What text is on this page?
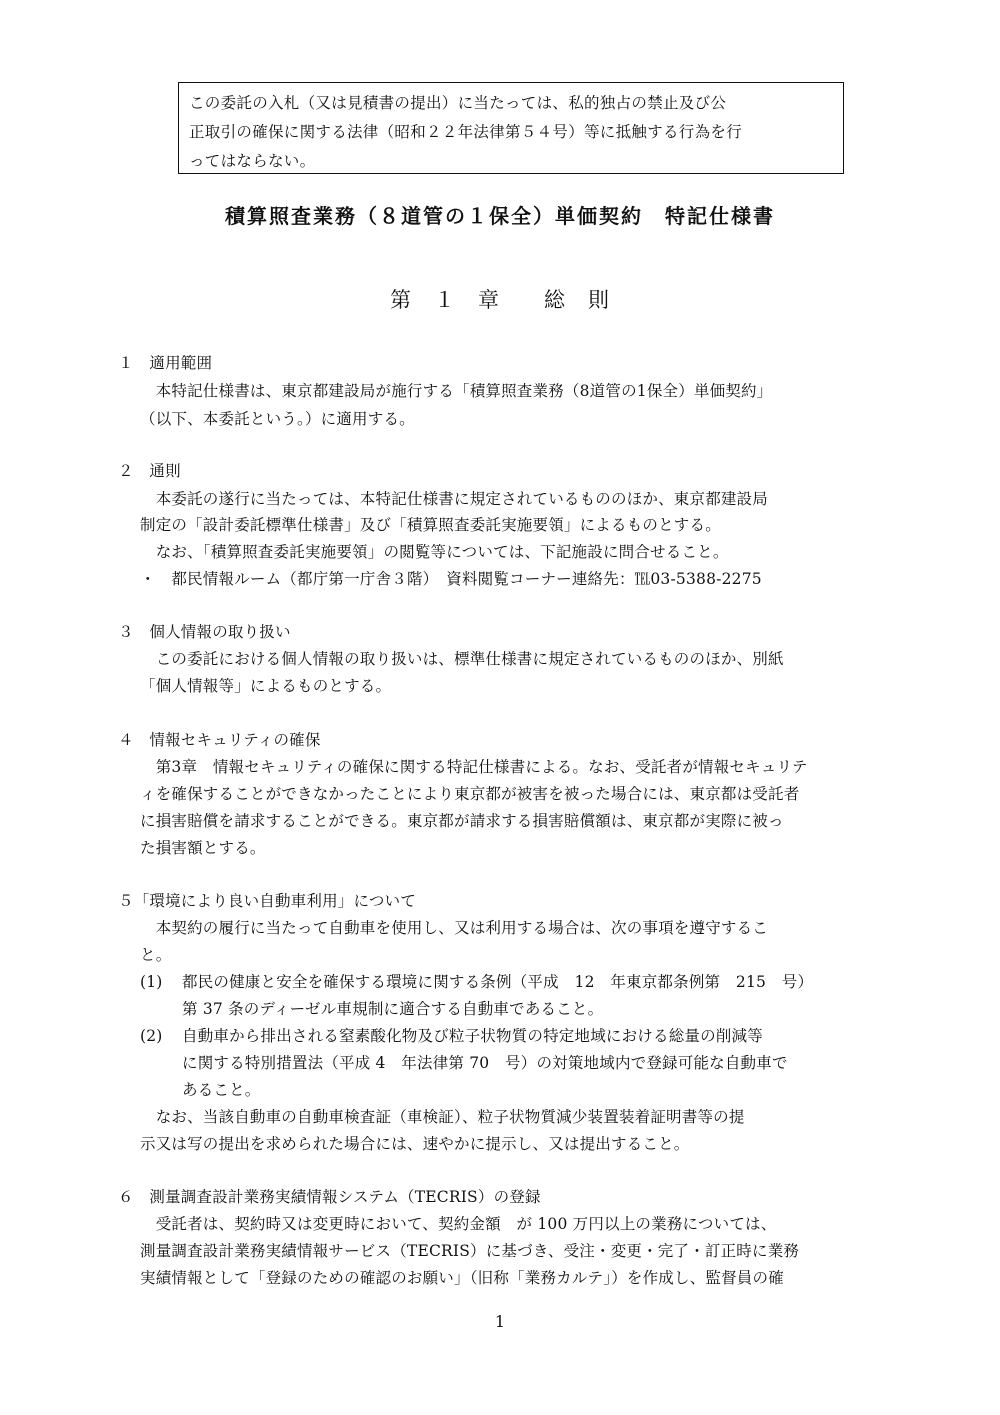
この委託の入札（又は見積書の提出）に当たっては、私的独占の禁止及び公
正取引の確保に関する法律（昭和２２年法律第５４号）等に抵触する行為を行
ってはならない。
積算照査業務（８道管の１保全）単価契約　特記仕様書
第　１　章　　総　則
１　適用範囲
　本特記仕様書は、東京都建設局が施行する「積算照査業務（8道管の1保全）単価契約」
（以下、本委託という。）に適用する。
２　通則
　本委託の遂行に当たっては、本特記仕様書に規定されているもののほか、東京都建設局
制定の「設計委託標準仕様書」及び「積算照査委託実施要領」によるものとする。
　なお、「積算照査委託実施要領」の閲覧等については、下記施設に問合せること。
・　都民情報ルーム（都庁第一庁舎３階）　資料閲覧コーナー連絡先：℡03-5388-2275
３　個人情報の取り扱い
　この委託における個人情報の取り扱いは、標準仕様書に規定されているもののほか、別紙
「個人情報等」によるものとする。
４　情報セキュリティの確保
　第3章　情報セキュリティの確保に関する特記仕様書による。なお、受託者が情報セキュリテ
ィを確保することができなかったことにより東京都が被害を被った場合には、東京都は受託者
に損害賠償を請求することができる。東京都が請求する損害賠償額は、東京都が実際に被っ
た損害額とする。
５「環境により良い自動車利用」について
　本契約の履行に当たって自動車を使用し、又は利用する場合は、次の事項を遵守するこ
と。
(1) 都民の健康と安全を確保する環境に関する条例（平成　12　年東京都条例第　215　号）
第 37 条のディーゼル車規制に適合する自動車であること。
(2) 自動車から排出される窒素酸化物及び粒子状物質の特定地域における総量の削減等
に関する特別措置法（平成 4　年法律第 70　号）の対策地域内で登録可能な自動車で
あること。
　なお、当該自動車の自動車検査証（車検証）、粒子状物質減少装置装着証明書等の提
示又は写の提出を求められた場合には、速やかに提示し、又は提出すること。
６　測量調査設計業務実績情報システム（TECRIS）の登録
　受託者は、契約時又は変更時において、契約金額　が 100 万円以上の業務については、
測量調査設計業務実績情報サービス（TECRIS）に基づき、受注・変更・完了・訂正時に業務
実績情報として「登録のための確認のお願い」（旧称「業務カルテ」）を作成し、監督員の確
1
